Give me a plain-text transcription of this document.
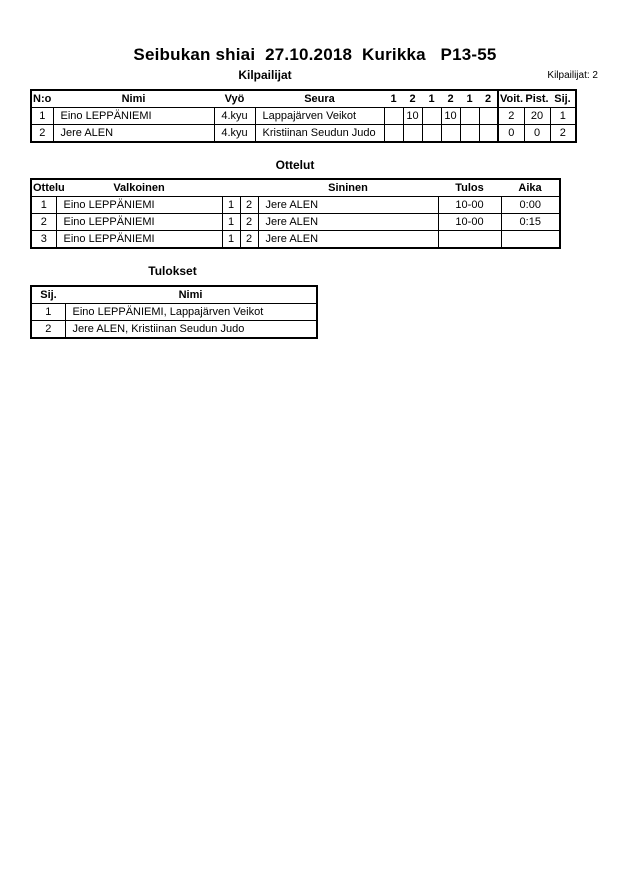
Seibukan shiai  27.10.2018  Kurikka   P13-55
Kilpailijat	Kilpailijat: 2
N:o	Nimi	Vyö	Seura	1	2	1	2	1	2	Voit.	Pist.	Sij.
1	Eino LEPPÄNIEMI	4.kyu	Lappajärven Veikot		10		10			2	20	1
2	Jere ALEN	4.kyu	Kristiinan Seudun Judo							0	0	2
Ottelut
Ottelu	Valkoinen			Sininen	Tulos	Aika
1	Eino LEPPÄNIEMI	1	2	Jere ALEN	10-00	0:00
2	Eino LEPPÄNIEMI	1	2	Jere ALEN	10-00	0:15
3	Eino LEPPÄNIEMI	1	2	Jere ALEN		
Tulokset
Sij.	Nimi
1	Eino LEPPÄNIEMI, Lappajärven Veikot
2	Jere ALEN, Kristiinan Seudun Judo
